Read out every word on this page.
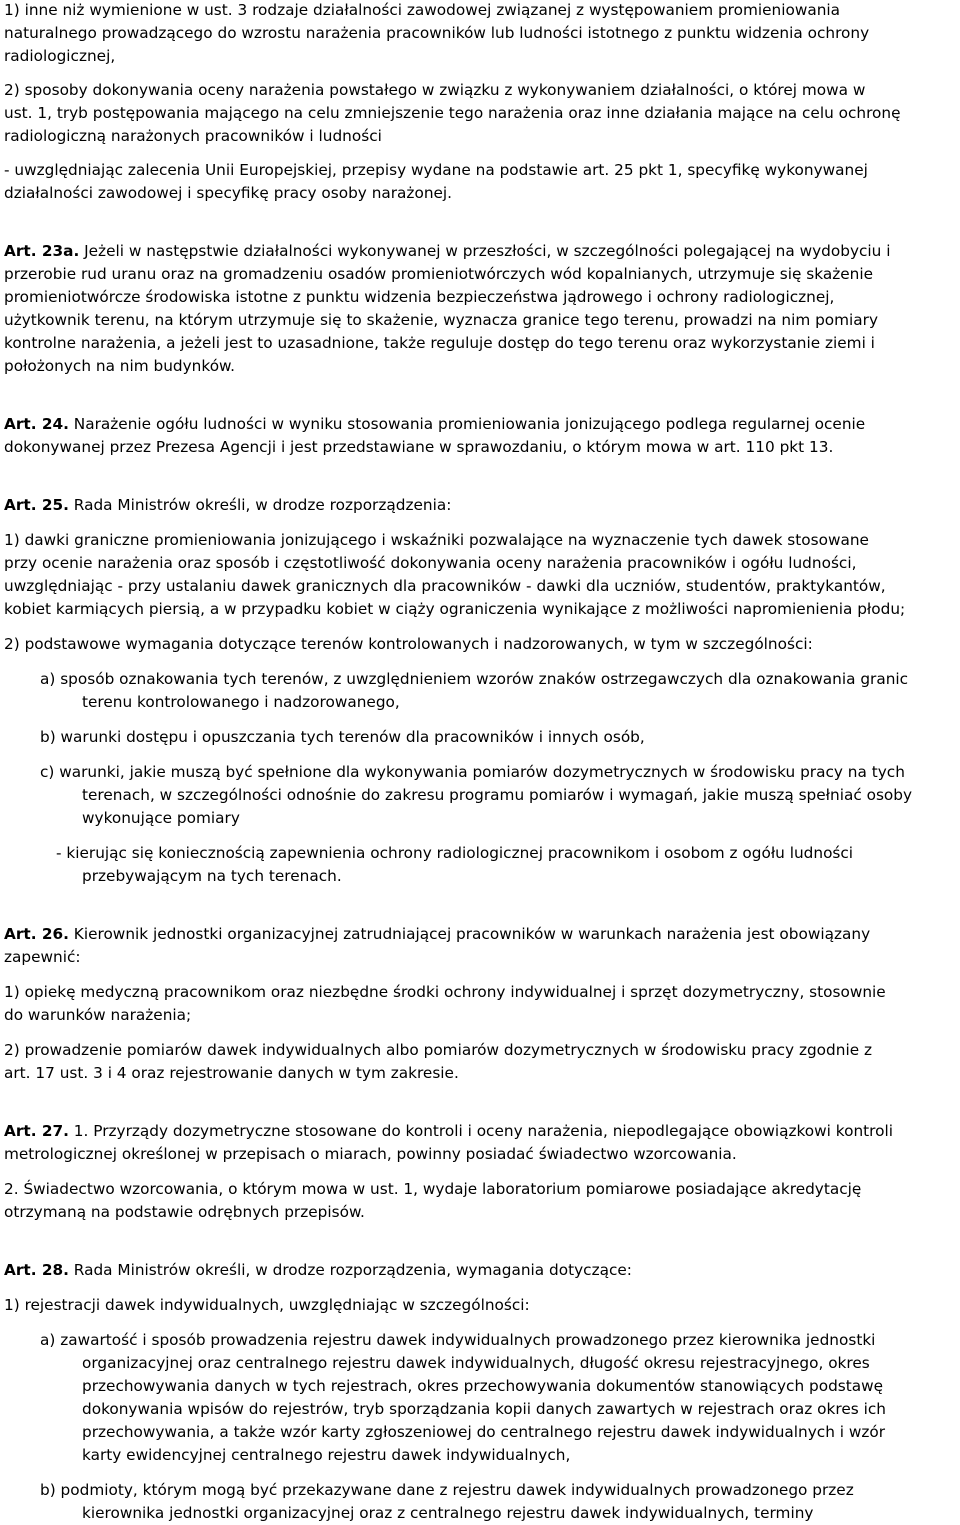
1) inne niż wymienione w ust. 3 rodzaje działalności zawodowej związanej z występowaniem promieniowania

naturalnego prowadzącego do wzrostu narażenia pracowników lub ludności istotnego z punktu widzenia ochrony

radiologicznej,

2) sposoby dokonywania oceny narażenia powstałego w związku z wykonywaniem działalności, o której mowa w

ust. 1, tryb postępowania mającego na celu zmniejszenie tego narażenia oraz inne działania mające na celu ochronę

radiologiczną narażonych pracowników i ludności

- uwzględniając zalecenia Unii Europejskiej, przepisy wydane na podstawie art. 25 pkt 1, specyfikę wykonywanej

działalności zawodowej i specyfikę pracy osoby narażonej.

Art. 23a. Jeżeli w następstwie działalności wykonywanej w przeszłości, w szczególności polegającej na wydobyciu i

przerobie rud uranu oraz na gromadzeniu osadów promieniotwórczych wód kopalnianych, utrzymuje się skażenie

promieniotwórcze środowiska istotne z punktu widzenia bezpieczeństwa jądrowego i ochrony radiologicznej,

użytkownik terenu, na którym utrzymuje się to skażenie, wyznacza granice tego terenu, prowadzi na nim pomiary

kontrolne narażenia, a jeżeli jest to uzasadnione, także reguluje dostęp do tego terenu oraz wykorzystanie ziemi i

położonych na nim budynków.

Art. 24. Narażenie ogółu ludności w wyniku stosowania promieniowania jonizującego podlega regularnej ocenie

dokonywanej przez Prezesa Agencji i jest przedstawiane w sprawozdaniu, o którym mowa w art. 110 pkt 13.

Art. 25. Rada Ministrów określi, w drodze rozporządzenia:

1) dawki graniczne promieniowania jonizującego i wskaźniki pozwalające na wyznaczenie tych dawek stosowane

przy ocenie narażenia oraz sposób i częstotliwość dokonywania oceny narażenia pracowników i ogółu ludności,

uwzględniając - przy ustalaniu dawek granicznych dla pracowników - dawki dla uczniów, studentów, praktykantów,

kobiet karmiących piersią, a w przypadku kobiet w ciąży ograniczenia wynikające z możliwości napromienienia płodu;

2) podstawowe wymagania dotyczące terenów kontrolowanych i nadzorowanych, w tym w szczególności:

a) sposób oznakowania tych terenów, z uwzględnieniem wzorów znaków ostrzegawczych dla oznakowania granic

terenu kontrolowanego i nadzorowanego,

b) warunki dostępu i opuszczania tych terenów dla pracowników i innych osób,

c) warunki, jakie muszą być spełnione dla wykonywania pomiarów dozymetrycznych w środowisku pracy na tych

terenach, w szczególności odnośnie do zakresu programu pomiarów i wymagań, jakie muszą spełniać osoby

wykonujące pomiary

- kierując się koniecznością zapewnienia ochrony radiologicznej pracownikom i osobom z ogółu ludności

przebywającym na tych terenach.

Art. 26. Kierownik jednostki organizacyjnej zatrudniającej pracowników w warunkach narażenia jest obowiązany

zapewnić:

1) opiekę medyczną pracownikom oraz niezbędne środki ochrony indywidualnej i sprzęt dozymetryczny, stosownie

do warunków narażenia;

2) prowadzenie pomiarów dawek indywidualnych albo pomiarów dozymetrycznych w środowisku pracy zgodnie z

art. 17 ust. 3 i 4 oraz rejestrowanie danych w tym zakresie.

Art. 27. 1. Przyrządy dozymetryczne stosowane do kontroli i oceny narażenia, niepodlegające obowiązkowi kontroli

metrologicznej określonej w przepisach o miarach, powinny posiadać świadectwo wzorcowania.

2. Świadectwo wzorcowania, o którym mowa w ust. 1, wydaje laboratorium pomiarowe posiadające akredytację

otrzymaną na podstawie odrębnych przepisów.

Art. 28. Rada Ministrów określi, w drodze rozporządzenia, wymagania dotyczące:

1) rejestracji dawek indywidualnych, uwzględniając w szczególności:

a) zawartość i sposób prowadzenia rejestru dawek indywidualnych prowadzonego przez kierownika jednostki

organizacyjnej oraz centralnego rejestru dawek indywidualnych, długość okresu rejestracyjnego, okres

przechowywania danych w tych rejestrach, okres przechowywania dokumentów stanowiących podstawę

dokonywania wpisów do rejestrów, tryb sporządzania kopii danych zawartych w rejestrach oraz okres ich

przechowywania, a także wzór karty zgłoszeniowej do centralnego rejestru dawek indywidualnych i wzór

karty ewidencyjnej centralnego rejestru dawek indywidualnych,

b) podmioty, którym mogą być przekazywane dane z rejestru dawek indywidualnych prowadzonego przez

kierownika jednostki organizacyjnej oraz z centralnego rejestru dawek indywidualnych, terminy
